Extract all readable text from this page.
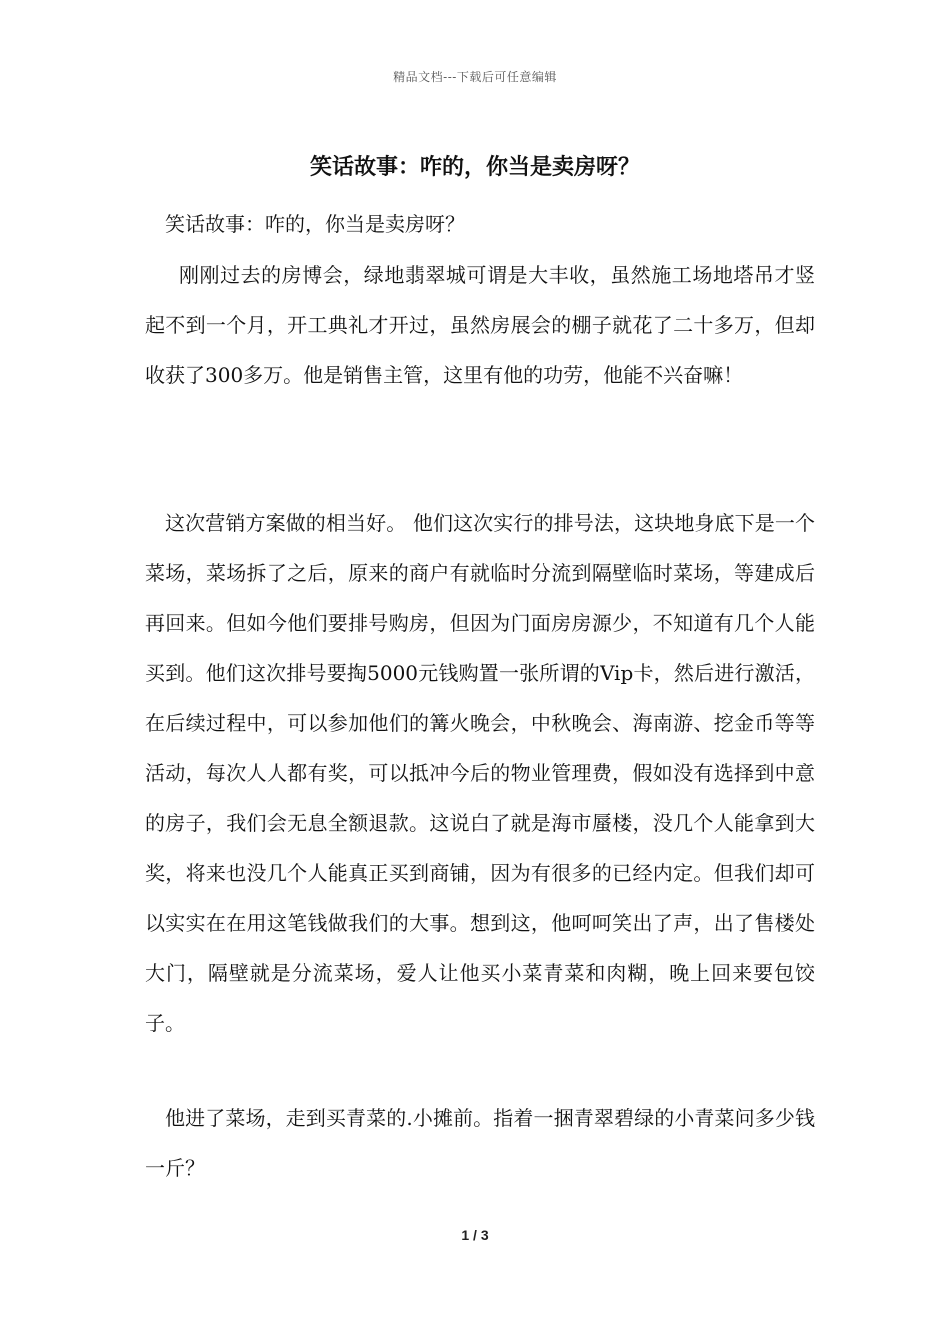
精品文档---下载后可任意编辑
笑话故事：咋的，你当是卖房呀？

笑话故事：咋的，你当是卖房呀？

刚刚过去的房博会，绿地翡翠城可谓是大丰收，虽然施工场地塔吊才竖起不到一个月，开工典礼才开过，虽然房展会的棚子就花了二十多万，但却收获了300多万。他是销售主管，这里有他的功劳，他能不兴奋嘛！

这次营销方案做的相当好。 他们这次实行的排号法，这块地身底下是一个菜场，菜场拆了之后，原来的商户有就临时分流到隔壁临时菜场，等建成后再回来。但如今他们要排号购房，但因为门面房房源少，不知道有几个人能买到。他们这次排号要掏5000元钱购置一张所谓的Vip卡，然后进行激活，在后续过程中，可以参加他们的篝火晚会，中秋晚会、海南游、挖金币等等活动，每次人人都有奖，可以抵冲今后的物业管理费，假如没有选择到中意的房子，我们会无息全额退款。这说白了就是海市蜃楼，没几个人能拿到大奖，将来也没几个人能真正买到商铺，因为有很多的已经内定。但我们却可以实实在在用这笔钱做我们的大事。想到这，他呵呵笑出了声，出了售楼处大门，隔壁就是分流菜场，爱人让他买小菜青菜和肉糊，晚上回来要包饺子。

他进了菜场，走到买青菜的.小摊前。指着一捆青翠碧绿的小青菜问多少钱一斤？

1 / 3
